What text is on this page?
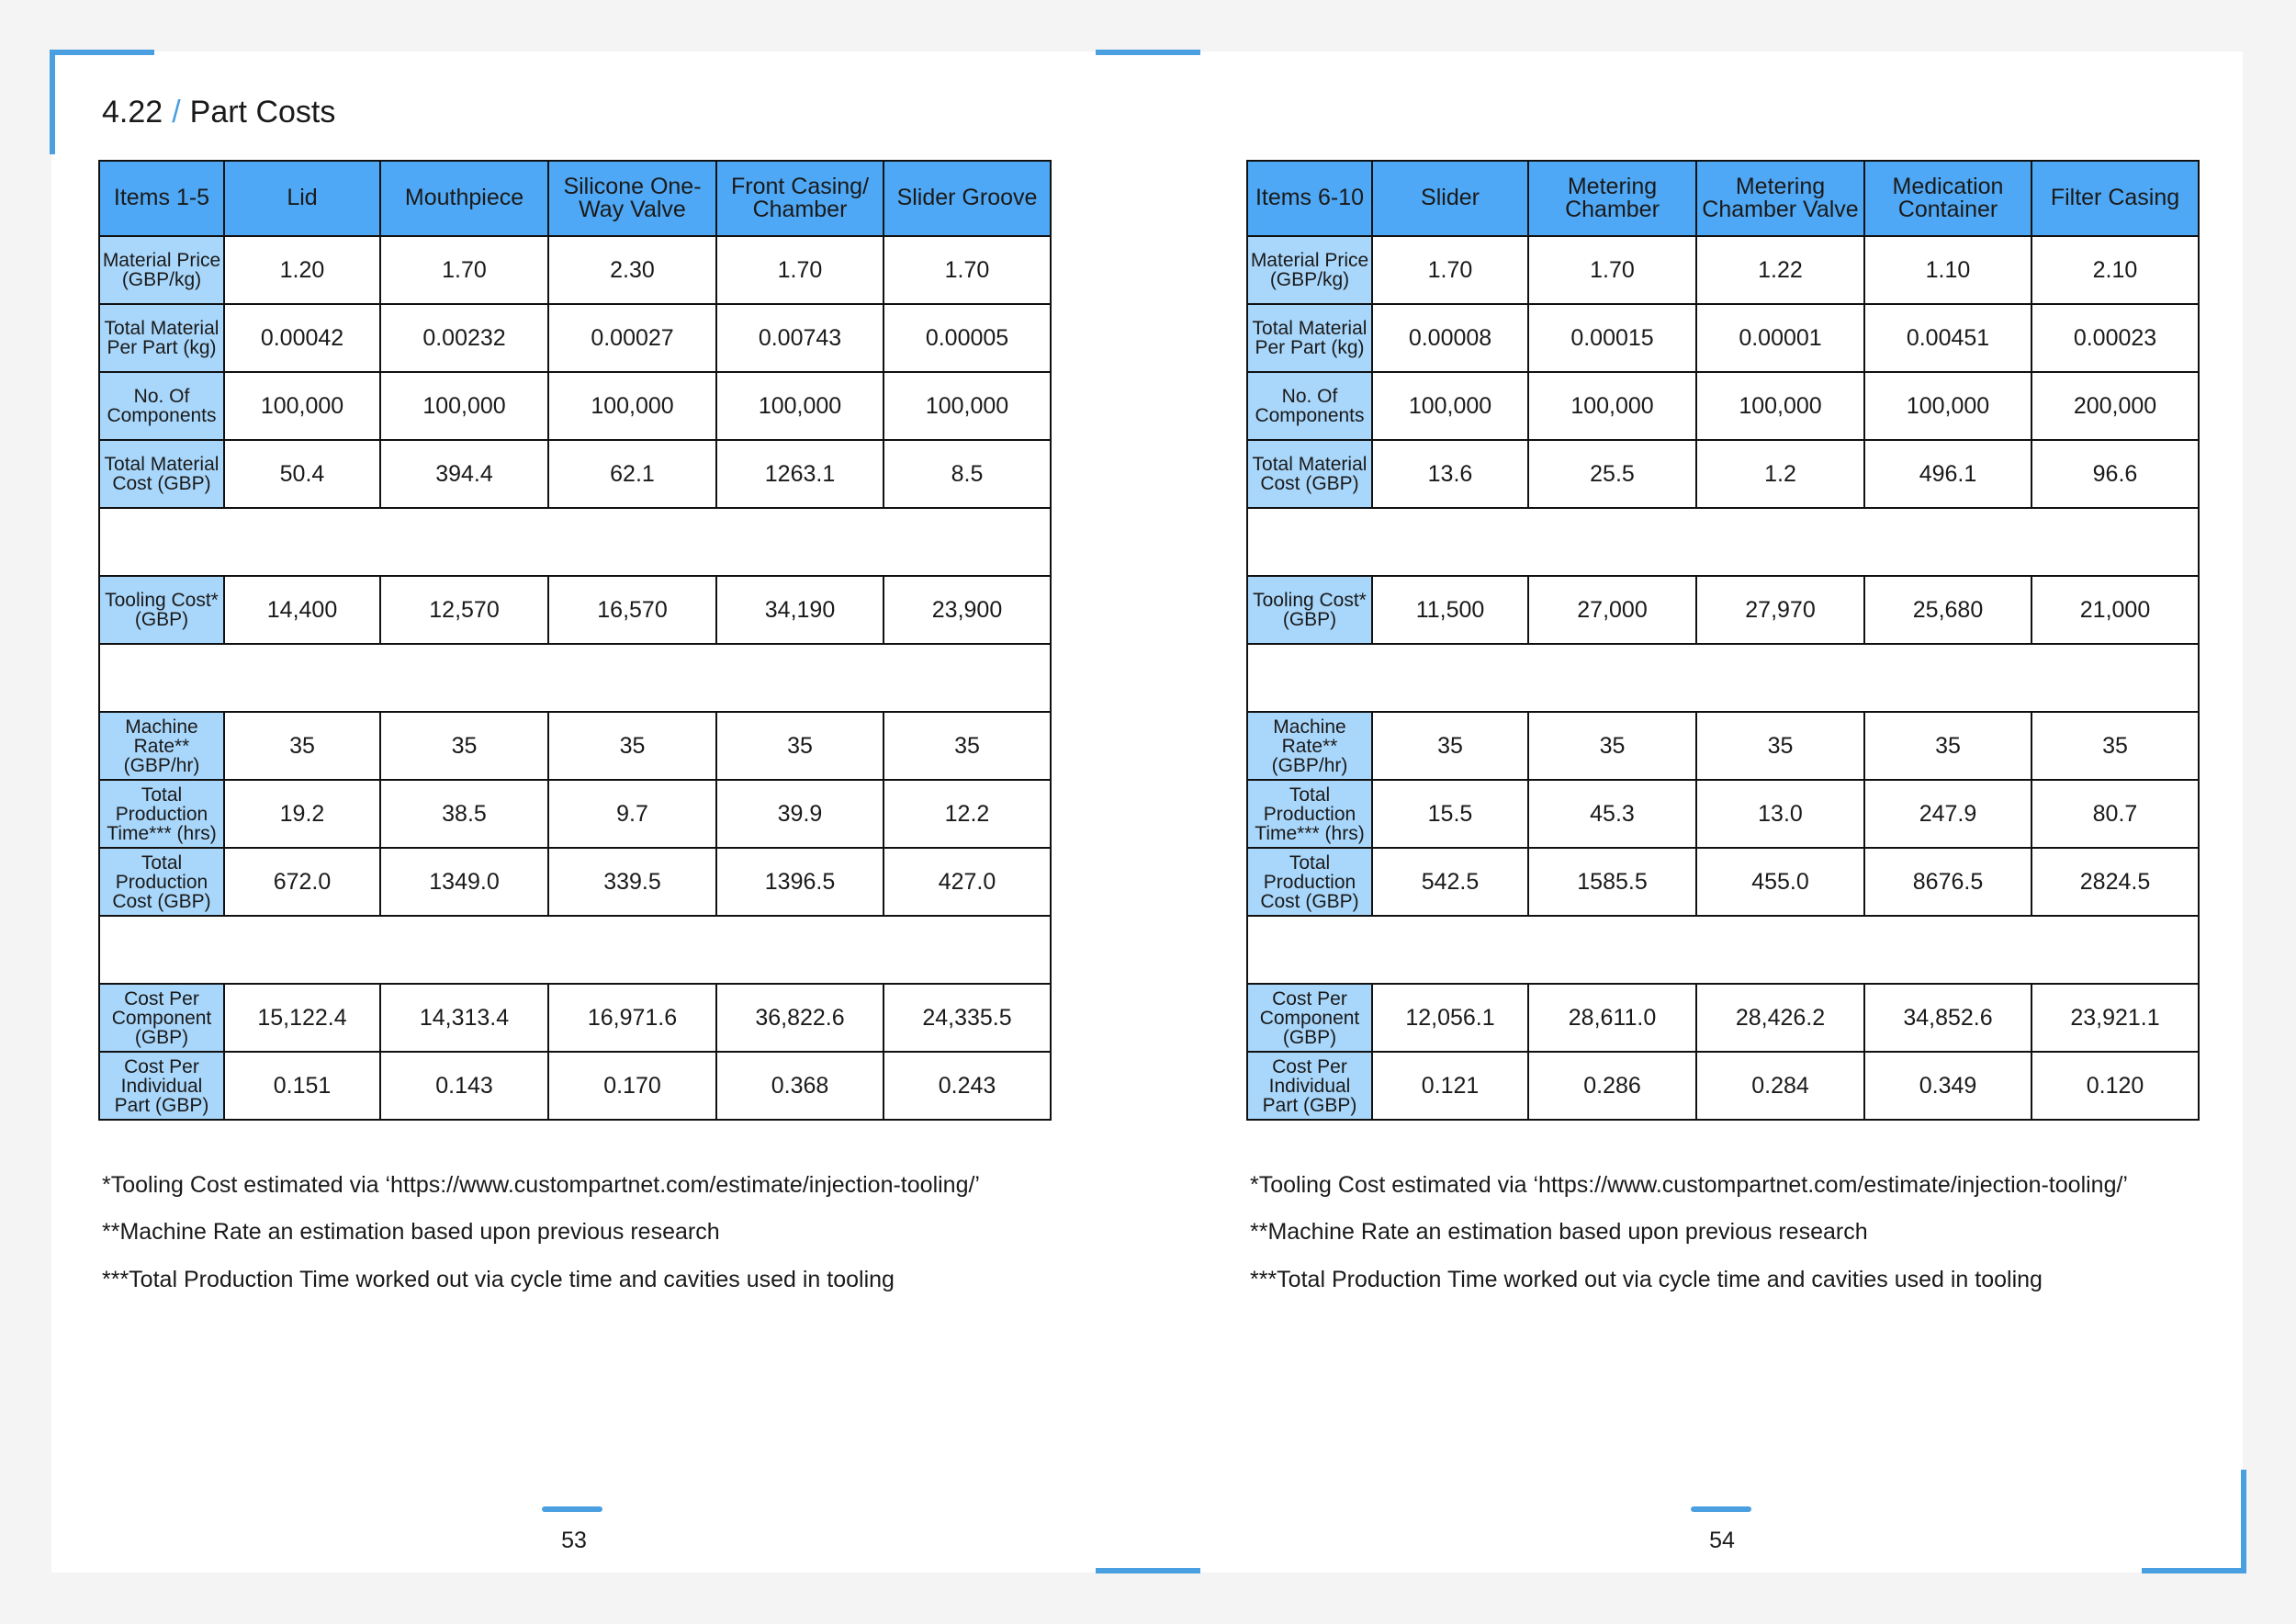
4.22 / Part Costs
Items 1-5	Lid	Mouthpiece	Silicone One-Way Valve	Front Casing/ Chamber	Slider Groove
Material Price (GBP/kg)	1.20	1.70	2.30	1.70	1.70
Total Material Per Part (kg)	0.00042	0.00232	0.00027	0.00743	0.00005
No. Of Components	100,000	100,000	100,000	100,000	100,000
Total Material Cost (GBP)	50.4	394.4	62.1	1263.1	8.5

Tooling Cost* (GBP)	14,400	12,570	16,570	34,190	23,900

Machine Rate** (GBP/hr)	35	35	35	35	35
Total Production Time*** (hrs)	19.2	38.5	9.7	39.9	12.2
Total Production Cost (GBP)	672.0	1349.0	339.5	1396.5	427.0

Cost Per Component (GBP)	15,122.4	14,313.4	16,971.6	36,822.6	24,335.5
Cost Per Individual Part (GBP)	0.151	0.143	0.170	0.368	0.243
Items 6-10	Slider	Metering Chamber	Metering Chamber Valve	Medication Container	Filter Casing
Material Price (GBP/kg)	1.70	1.70	1.22	1.10	2.10
Total Material Per Part (kg)	0.00008	0.00015	0.00001	0.00451	0.00023
No. Of Components	100,000	100,000	100,000	100,000	200,000
Total Material Cost (GBP)	13.6	25.5	1.2	496.1	96.6

Tooling Cost* (GBP)	11,500	27,000	27,970	25,680	21,000

Machine Rate** (GBP/hr)	35	35	35	35	35
Total Production Time*** (hrs)	15.5	45.3	13.0	247.9	80.7
Total Production Cost (GBP)	542.5	1585.5	455.0	8676.5	2824.5

Cost Per Component (GBP)	12,056.1	28,611.0	28,426.2	34,852.6	23,921.1
Cost Per Individual Part (GBP)	0.121	0.286	0.284	0.349	0.120

*Tooling Cost estimated via ‘https://www.custompartnet.com/estimate/injection-tooling/’

**Machine Rate an estimation based upon previous research

***Total Production Time worked out via cycle time and cavities used in tooling

*Tooling Cost estimated via ‘https://www.custompartnet.com/estimate/injection-tooling/’

**Machine Rate an estimation based upon previous research

***Total Production Time worked out via cycle time and cavities used in tooling

53	54
